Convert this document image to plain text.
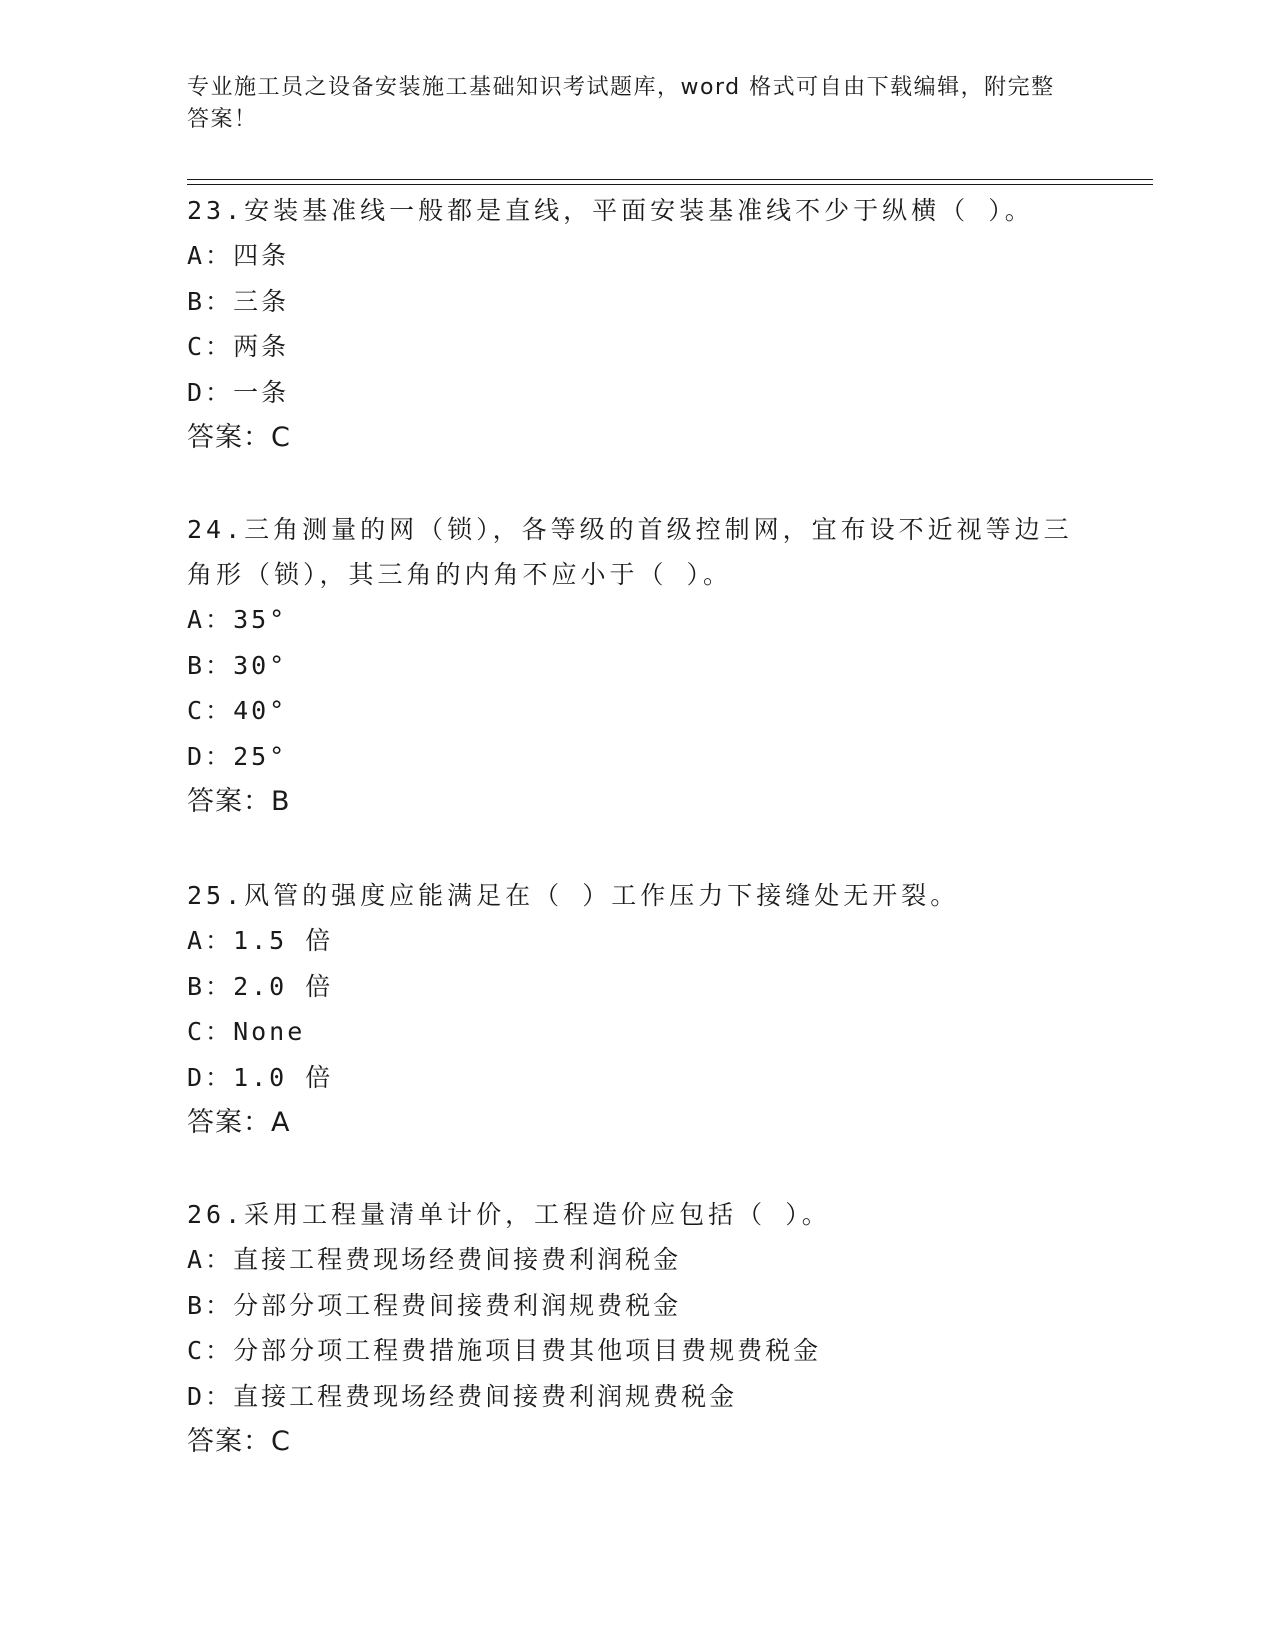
专业施工员之设备安装施工基础知识考试题库，word 格式可自由下载编辑，附完整答案！

23.安装基准线一般都是直线，平面安装基准线不少于纵横（ ）。

A：四条
B：三条
C：两条
D：一条
答案：C

24.三角测量的网（锁），各等级的首级控制网，宜布设不近视等边三角形（锁），其三角的内角不应小于（ ）。

A：35°
B：30°
C：40°
D：25°
答案：B

25.风管的强度应能满足在（ ）工作压力下接缝处无开裂。

A：1.5 倍
B：2.0 倍
C：None
D：1.0 倍
答案：A

26.采用工程量清单计价，工程造价应包括（ ）。

A：直接工程费现场经费间接费利润税金
B：分部分项工程费间接费利润规费税金
C：分部分项工程费措施项目费其他项目费规费税金
D：直接工程费现场经费间接费利润规费税金
答案：C
